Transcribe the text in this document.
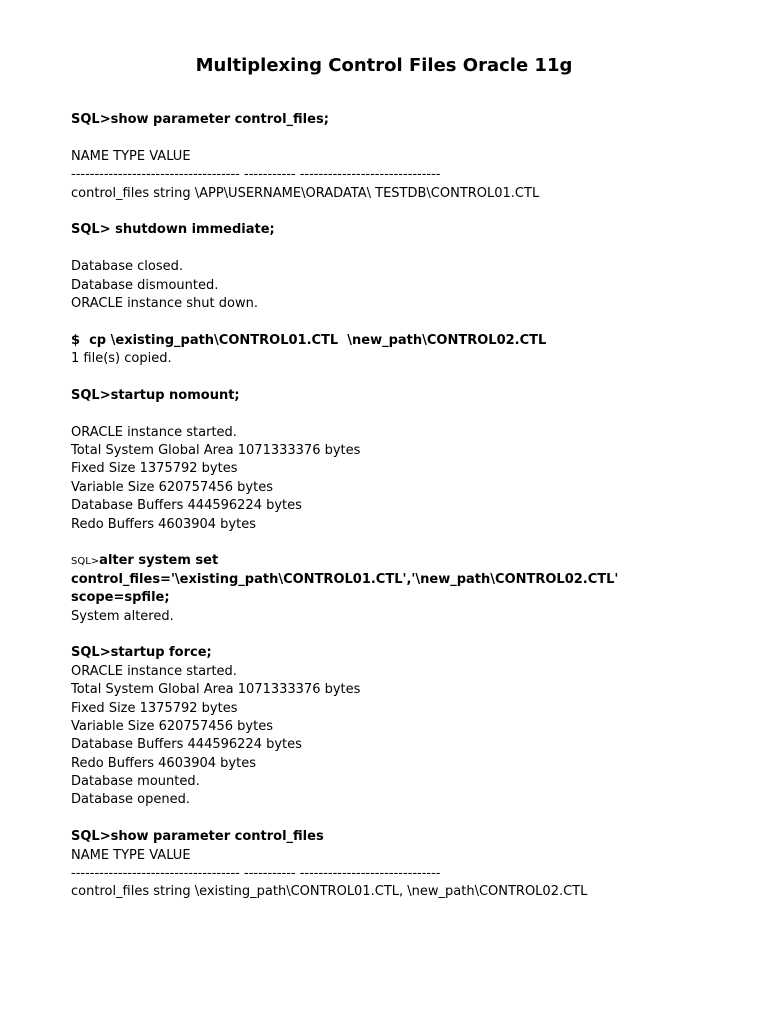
Multiplexing Control Files Oracle 11g
SQL>show parameter control_files;
NAME TYPE VALUE
------------------------------------ ----------- ------------------------------
control_files string \APP\USERNAME\ORADATA\ TESTDB\CONTROL01.CTL
SQL> shutdown immediate;
Database closed.
Database dismounted.
ORACLE instance shut down.
$  cp \existing_path\CONTROL01.CTL  \new_path\CONTROL02.CTL
1 file(s) copied.
SQL>startup nomount;
ORACLE instance started.
Total System Global Area 1071333376 bytes
Fixed Size 1375792 bytes
Variable Size 620757456 bytes
Database Buffers 444596224 bytes
Redo Buffers 4603904 bytes
SQL>alter system set
control_files='\existing_path\CONTROL01.CTL','\new_path\CONTROL02.CTL'
scope=spfile;
System altered.
SQL>startup force;
ORACLE instance started.
Total System Global Area 1071333376 bytes
Fixed Size 1375792 bytes
Variable Size 620757456 bytes
Database Buffers 444596224 bytes
Redo Buffers 4603904 bytes
Database mounted.
Database opened.
SQL>show parameter control_files
NAME TYPE VALUE
------------------------------------ ----------- ------------------------------
control_files string \existing_path\CONTROL01.CTL, \new_path\CONTROL02.CTL
